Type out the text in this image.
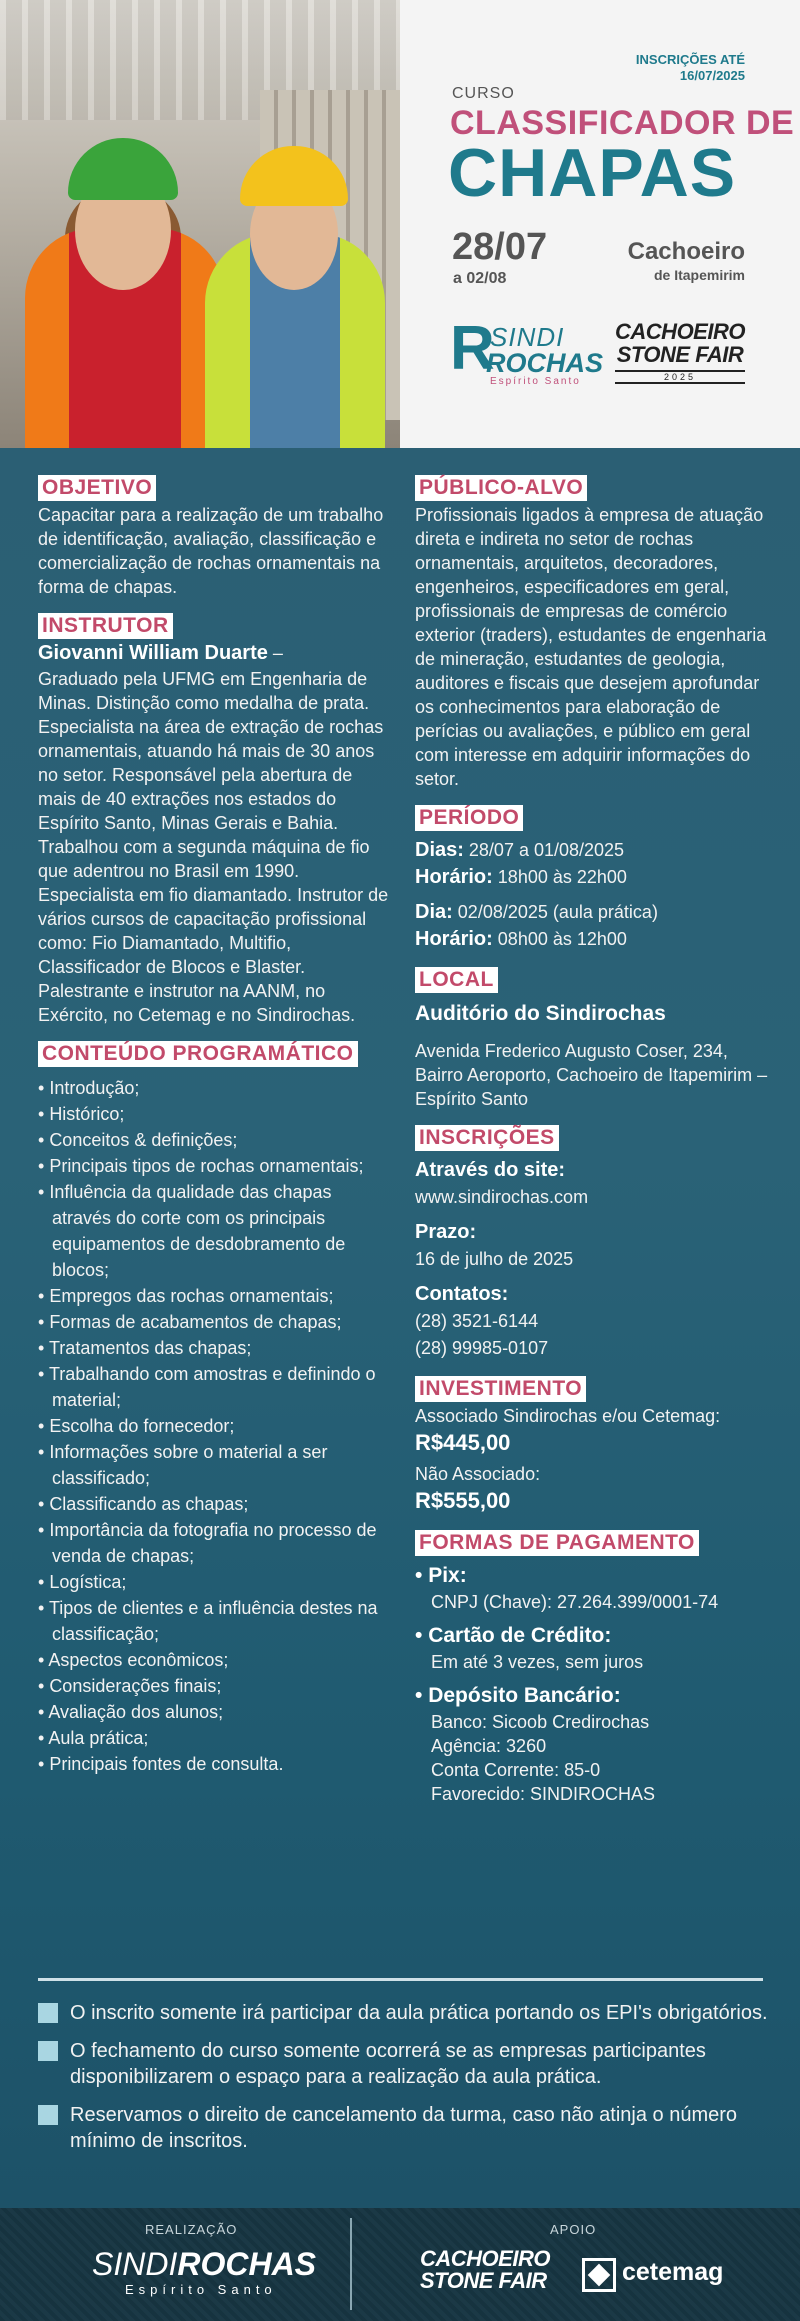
INSCRIÇÕES ATÉ
16/07/2025
CURSO
CLASSIFICADOR DE
CHAPAS
28/07
a 02/08
Cachoeiro
de Itapemirim
R
SINDI
ROCHAS
Espírito Santo
CACHOEIRO
STONE FAIR
2025
OBJETIVO
Capacitar para a realização de um trabalho de identificação, avaliação, classificação e comercialização de rochas ornamentais na forma de chapas.
INSTRUTOR
Giovanni William Duarte –
Graduado pela UFMG em Engenharia de Minas. Distinção como medalha de prata. Especialista na área de extração de rochas ornamentais, atuando há mais de 30 anos no setor. Responsável pela abertura de mais de 40 extrações nos estados do Espírito Santo, Minas Gerais e Bahia. Trabalhou com a segunda máquina de fio que adentrou no Brasil em 1990. Especialista em fio diamantado. Instrutor de vários cursos de capacitação profissional como: Fio Diamantado, Multifio, Classificador de Blocos e Blaster. Palestrante e instrutor na AANM, no Exército, no Cetemag e no Sindirochas.
CONTEÚDO PROGRAMÁTICO
• Introdução;
• Histórico;
• Conceitos & definições;
• Principais tipos de rochas ornamentais;
• Influência da qualidade das chapas através do corte com os principais equipamentos de desdobramento de blocos;
• Empregos das rochas ornamentais;
• Formas de acabamentos de chapas;
• Tratamentos das chapas;
• Trabalhando com amostras e definindo o material;
• Escolha do fornecedor;
• Informações sobre o material a ser classificado;
• Classificando as chapas;
• Importância da fotografia no processo de venda de chapas;
• Logística;
• Tipos de clientes e a influência destes na classificação;
• Aspectos econômicos;
• Considerações finais;
• Avaliação dos alunos;
• Aula prática;
• Principais fontes de consulta.
PÚBLICO-ALVO
Profissionais ligados à empresa de atuação direta e indireta no setor de rochas ornamentais, arquitetos, decoradores, engenheiros, especificadores em geral, profissionais de empresas de comércio exterior (traders), estudantes de engenharia de mineração, estudantes de geologia, auditores e fiscais que desejem aprofundar os conhecimentos para elaboração de perícias ou avaliações, e público em geral com interesse em adquirir informações do setor.
PERÍODO
Dias: 28/07 a 01/08/2025
Horário: 18h00 às 22h00
Dia: 02/08/2025 (aula prática)
Horário: 08h00 às 12h00
LOCAL
Auditório do Sindirochas
Avenida Frederico Augusto Coser, 234, Bairro Aeroporto, Cachoeiro de Itapemirim – Espírito Santo
INSCRIÇÕES
Através do site:
www.sindirochas.com
Prazo:
16 de julho de 2025
Contatos:
(28) 3521-6144
(28) 99985-0107
INVESTIMENTO
Associado Sindirochas e/ou Cetemag:
R$445,00
Não Associado:
R$555,00
FORMAS DE PAGAMENTO
• Pix:
CNPJ (Chave): 27.264.399/0001-74
• Cartão de Crédito:
Em até 3 vezes, sem juros
• Depósito Bancário:
Banco: Sicoob Credirochas
Agência: 3260
Conta Corrente: 85-0
Favorecido: SINDIROCHAS
O inscrito somente irá participar da aula prática portando os EPI's obrigatórios.
O fechamento do curso somente ocorrerá se as empresas participantes disponibilizarem o espaço para a realização da aula prática.
Reservamos o direito de cancelamento da turma, caso não atinja o número mínimo de inscritos.
REALIZAÇÃO
SINDIROCHAS
Espírito Santo
APOIO
CACHOEIRO
STONE FAIR	cetemag
